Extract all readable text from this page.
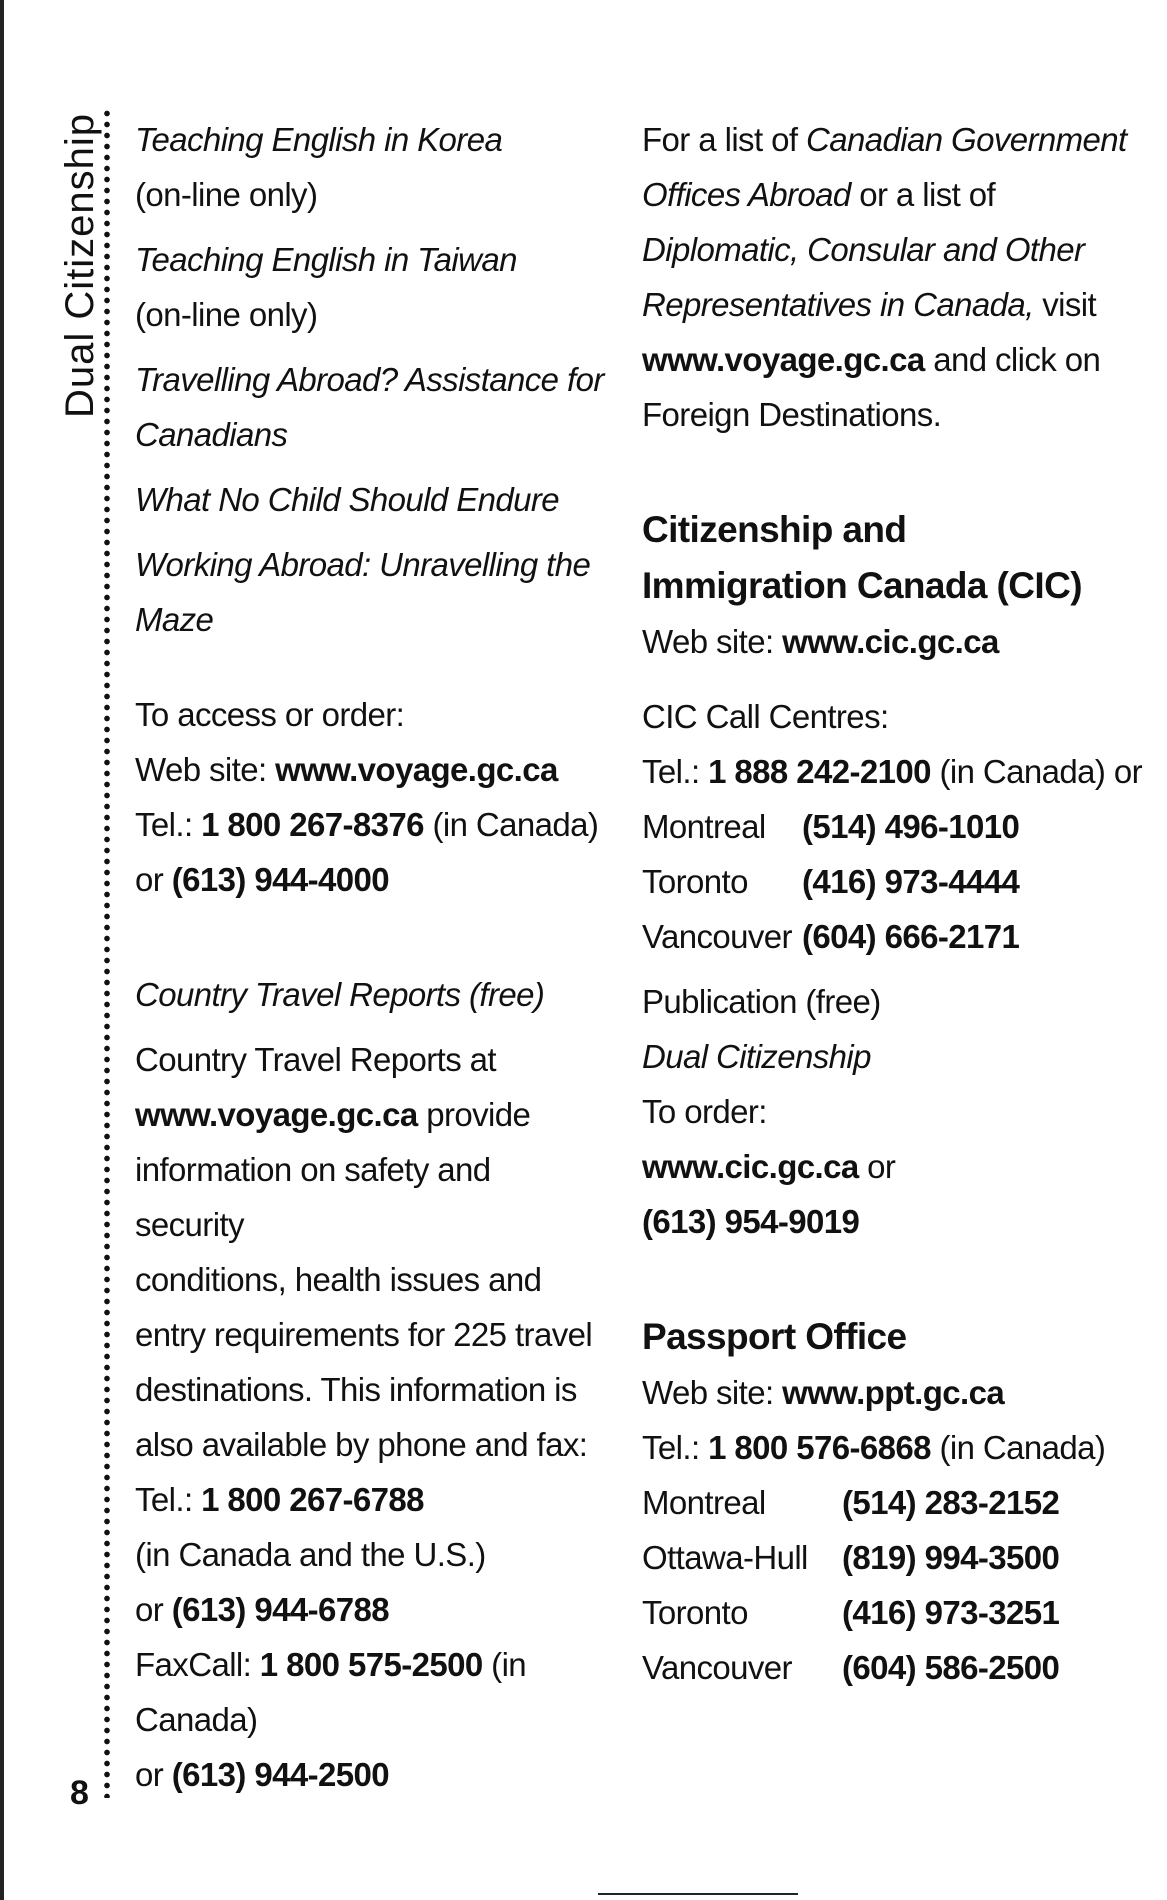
Dual Citizenship
8
Teaching English in Korea
(on-line only)
Teaching English in Taiwan
(on-line only)
Travelling Abroad? Assistance for Canadians
What No Child Should Endure
Working Abroad: Unravelling the Maze
To access or order:
Web site: www.voyage.gc.ca
Tel.: 1 800 267-8376 (in Canada)
or (613) 944-4000
Country Travel Reports (free)
Country Travel Reports at
www.voyage.gc.ca provide
information on safety and security
conditions, health issues and
entry requirements for 225 travel
destinations. This information is
also available by phone and fax:
Tel.: 1 800 267-6788
(in Canada and the U.S.)
or (613) 944-6788
FaxCall: 1 800 575-2500 (in Canada)
or (613) 944-2500
For a list of Canadian Government
Offices Abroad or a list of
Diplomatic, Consular and Other
Representatives in Canada, visit
www.voyage.gc.ca and click on
Foreign Destinations.
Citizenship and
Immigration Canada (CIC)
Web site: www.cic.gc.ca
CIC Call Centres:
Tel.: 1 888 242-2100 (in Canada) or
Montreal	(514) 496-1010
Toronto	(416) 973-4444
Vancouver (604) 666-2171
Publication (free)
Dual Citizenship
To order:
www.cic.gc.ca or
(613) 954-9019
Passport Office
Web site: www.ppt.gc.ca
Tel.: 1 800 576-6868 (in Canada)
Montreal	(514) 283-2152
Ottawa-Hull	(819) 994-3500
Toronto	(416) 973-3251
Vancouver	(604) 586-2500
